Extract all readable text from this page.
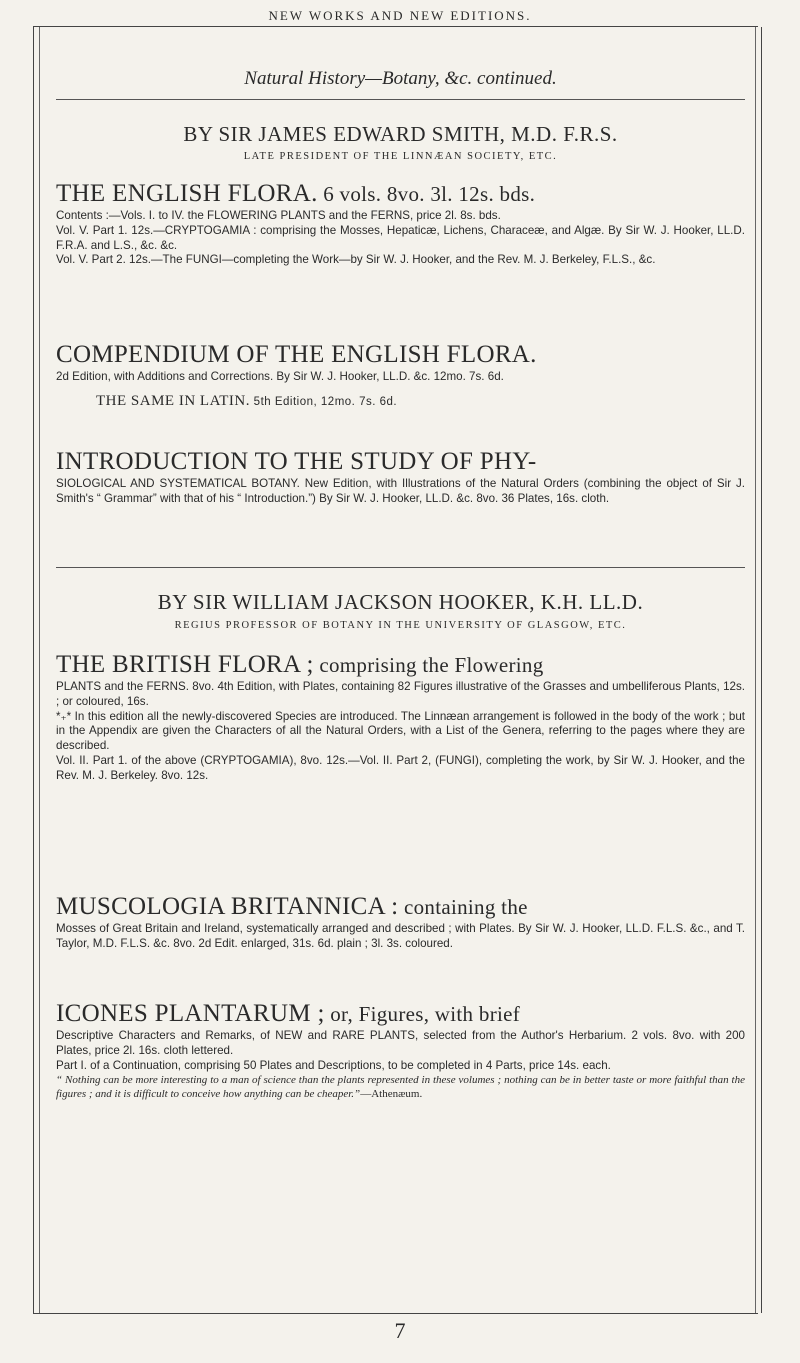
NEW WORKS AND NEW EDITIONS.
Natural History—Botany, &c. continued.
BY SIR JAMES EDWARD SMITH, M.D. F.R.S.
LATE PRESIDENT OF THE LINNÆAN SOCIETY, ETC.
THE ENGLISH FLORA. 6 vols. 8vo. 3l. 12s. bds.

Contents :—Vols. I. to IV. the FLOWERING PLANTS and the FERNS, price 2l. 8s. bds.

Vol. V. Part 1. 12s.—CRYPTOGAMIA : comprising the Mosses, Hepaticæ, Lichens, Characeæ, and Algæ. By Sir W. J. Hooker, LL.D. F.R.A. and L.S., &c. &c.

Vol. V. Part 2. 12s.—The FUNGI—completing the Work—by Sir W. J. Hooker, and the Rev. M. J. Berkeley, F.L.S., &c.

COMPENDIUM OF THE ENGLISH FLORA.

2d Edition, with Additions and Corrections. By Sir W. J. Hooker, LL.D. &c. 12mo. 7s. 6d.

THE SAME IN LATIN. 5th Edition, 12mo. 7s. 6d.
INTRODUCTION TO THE STUDY OF PHY-

SIOLOGICAL AND SYSTEMATICAL BOTANY. New Edition, with Illustrations of the Natural Orders (combining the object of Sir J. Smith's “ Grammar” with that of his “ Introduction.”) By Sir W. J. Hooker, LL.D. &c. 8vo. 36 Plates, 16s. cloth.

BY SIR WILLIAM JACKSON HOOKER, K.H. LL.D.
REGIUS PROFESSOR OF BOTANY IN THE UNIVERSITY OF GLASGOW, ETC.
THE BRITISH FLORA ; comprising the Flowering

PLANTS and the FERNS. 8vo. 4th Edition, with Plates, containing 82 Figures illustrative of the Grasses and umbelliferous Plants, 12s. ; or coloured, 16s.

*₊* In this edition all the newly-discovered Species are introduced. The Linnæan arrangement is followed in the body of the work ; but in the Appendix are given the Characters of all the Natural Orders, with a List of the Genera, referring to the pages where they are described.

Vol. II. Part 1. of the above (CRYPTOGAMIA), 8vo. 12s.—Vol. II. Part 2, (FUNGI), completing the work, by Sir W. J. Hooker, and the Rev. M. J. Berkeley. 8vo. 12s.

MUSCOLOGIA BRITANNICA : containing the

Mosses of Great Britain and Ireland, systematically arranged and described ; with Plates. By Sir W. J. Hooker, LL.D. F.L.S. &c., and T. Taylor, M.D. F.L.S. &c. 8vo. 2d Edit. enlarged, 31s. 6d. plain ; 3l. 3s. coloured.

ICONES PLANTARUM ; or, Figures, with brief

Descriptive Characters and Remarks, of NEW and RARE PLANTS, selected from the Author's Herbarium. 2 vols. 8vo. with 200 Plates, price 2l. 16s. cloth lettered.

Part I. of a Continuation, comprising 50 Plates and Descriptions, to be completed in 4 Parts, price 14s. each.

“ Nothing can be more interesting to a man of science than the plants represented in these volumes ; nothing can be in better taste or more faithful than the figures ; and it is difficult to conceive how anything can be cheaper.”—Athenæum.

7
